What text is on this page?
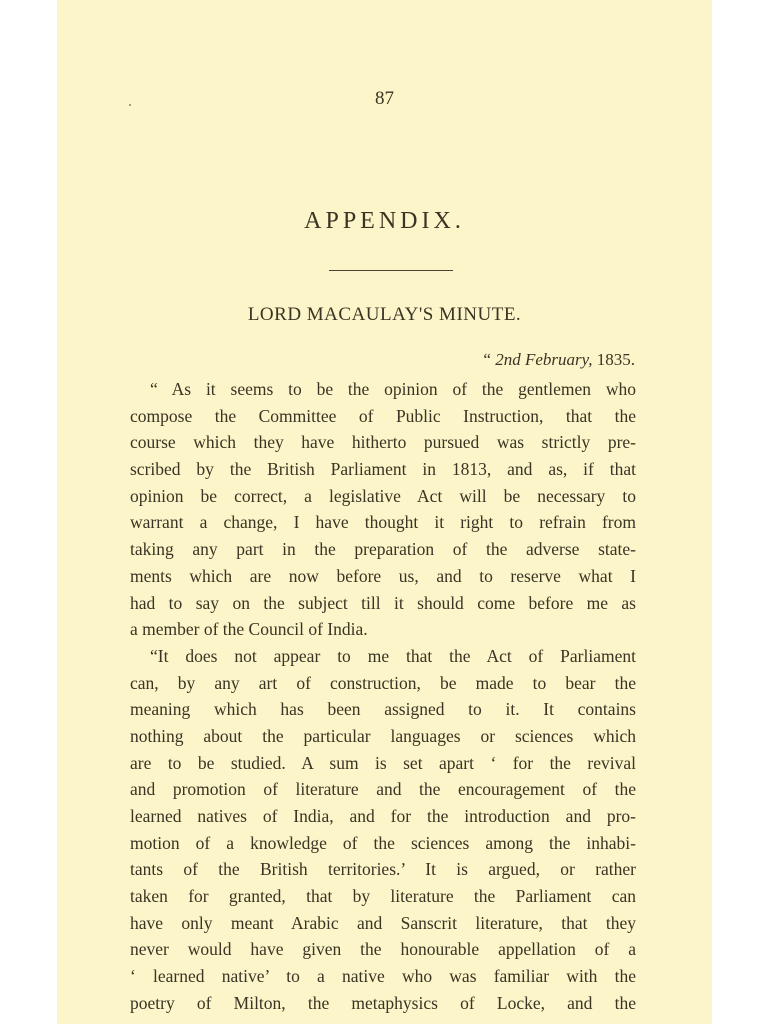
87
APPENDIX.
LORD MACAULAY'S MINUTE.
“ 2nd February, 1835.
“ As it seems to be the opinion of the gentlemen who
compose the Committee of Public Instruction, that the
course which they have hitherto pursued was strictly pre-
scribed by the British Parliament in 1813, and as, if that
opinion be correct, a legislative Act will be necessary to
warrant a change, I have thought it right to refrain from
taking any part in the preparation of the adverse state-
ments which are now before us, and to reserve what I
had to say on the subject till it should come before me as
a member of the Council of India.
“It does not appear to me that the Act of Parliament
can, by any art of construction, be made to bear the
meaning which has been assigned to it. It contains
nothing about the particular languages or sciences which
are to be studied. A sum is set apart ‘ for the revival
and promotion of literature and the encouragement of the
learned natives of India, and for the introduction and pro-
motion of a knowledge of the sciences among the inhabi-
tants of the British territories.’ It is argued, or rather
taken for granted, that by literature the Parliament can
have only meant Arabic and Sanscrit literature, that they
never would have given the honourable appellation of a
‘ learned native’ to a native who was familiar with the
poetry of Milton, the metaphysics of Locke, and the
